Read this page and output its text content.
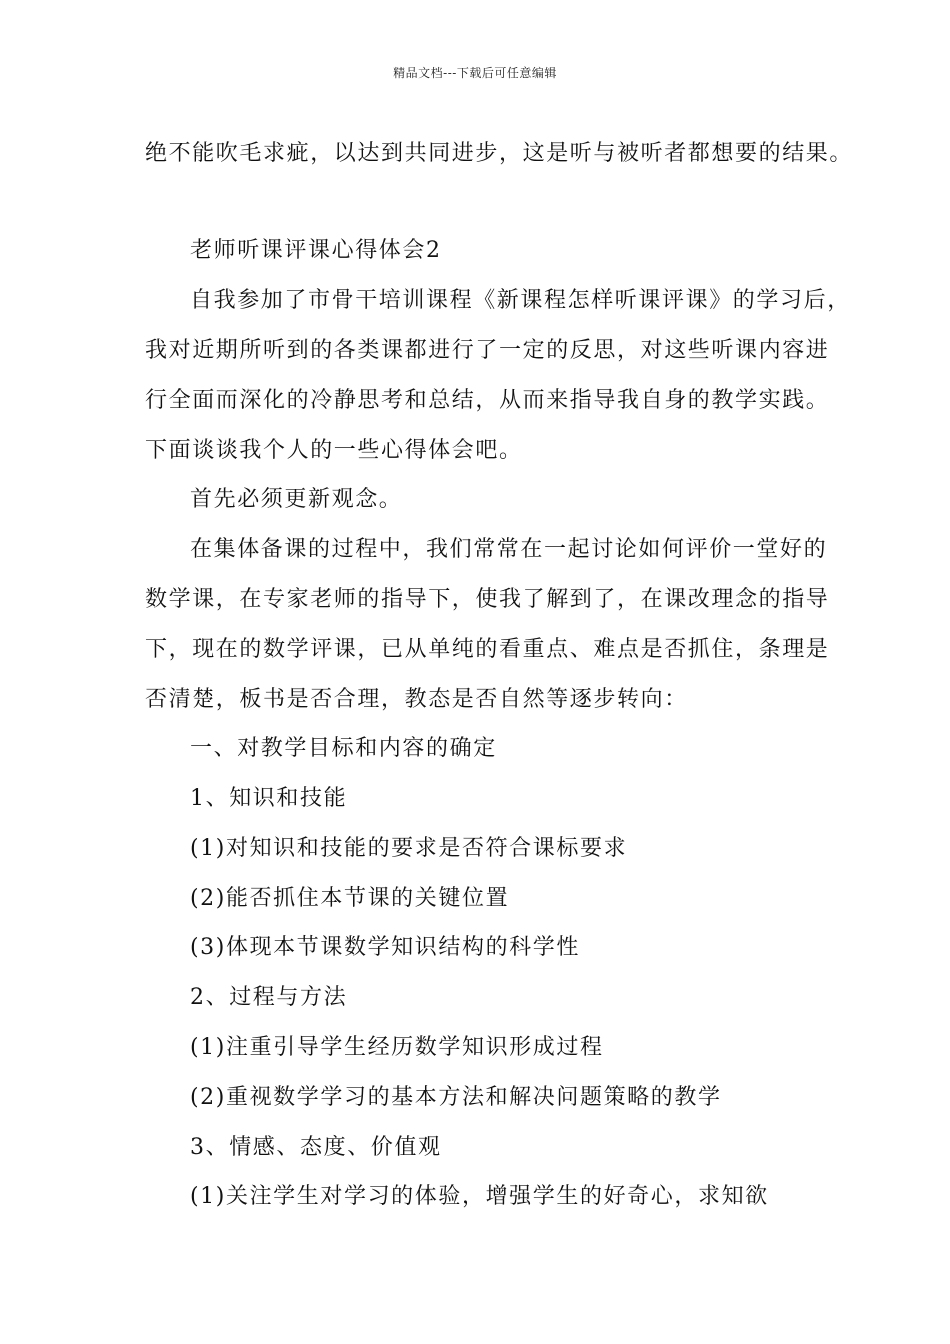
精品文档---下载后可任意编辑
绝不能吹毛求疵，以达到共同进步，这是听与被听者都想要的结果。
老师听课评课心得体会2
自我参加了市骨干培训课程《新课程怎样听课评课》的学习后，
我对近期所听到的各类课都进行了一定的反思，对这些听课内容进
行全面而深化的冷静思考和总结，从而来指导我自身的教学实践。
下面谈谈我个人的一些心得体会吧。
首先必须更新观念。
在集体备课的过程中，我们常常在一起讨论如何评价一堂好的
数学课，在专家老师的指导下，使我了解到了，在课改理念的指导
下，现在的数学评课，已从单纯的看重点、难点是否抓住，条理是
否清楚，板书是否合理，教态是否自然等逐步转向：
一、对教学目标和内容的确定
1、知识和技能
(1)对知识和技能的要求是否符合课标要求
(2)能否抓住本节课的关键位置
(3)体现本节课数学知识结构的科学性
2、过程与方法
(1)注重引导学生经历数学知识形成过程
(2)重视数学学习的基本方法和解决问题策略的教学
3、情感、态度、价值观
(1)关注学生对学习的体验，增强学生的好奇心，求知欲
